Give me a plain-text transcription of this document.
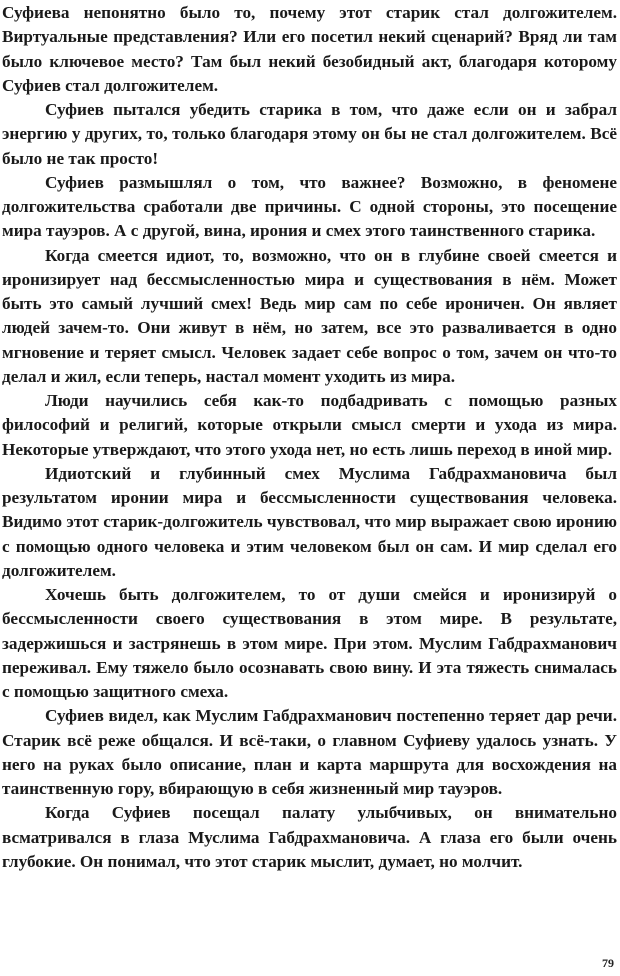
Суфиева непонятно было то, почему этот старик стал долгожителем. Виртуальные представления? Или его посетил некий сценарий? Вряд ли там было ключевое место? Там был некий безобидный акт, благодаря которому Суфиев стал долгожителем.

Суфиев пытался убедить старика в том, что даже если он и забрал энергию у других, то, только благодаря этому он бы не стал долгожителем. Всё было не так просто!

Суфиев размышлял о том, что важнее? Возможно, в феномене долгожительства сработали две причины. С одной стороны, это посещение мира тауэров. А с другой, вина, ирония и смех этого таинственного старика.

Когда смеется идиот, то, возможно, что он в глубине своей смеется и иронизирует над бессмысленностью мира и существования в нём. Может быть это самый лучший смех! Ведь мир сам по себе ироничен. Он являет людей зачем-то. Они живут в нём, но затем, все это разваливается в одно мгновение и теряет смысл. Человек задает себе вопрос о том, зачем он что-то делал и жил, если теперь, настал момент уходить из мира.

Люди научились себя как-то подбадривать с помощью разных философий и религий, которые открыли смысл смерти и ухода из мира. Некоторые утверждают, что этого ухода нет, но есть лишь переход в иной мир.

Идиотский и глубинный смех Муслима Габдрахмановича был результатом иронии мира и бессмысленности существования человека. Видимо этот старик-долгожитель чувствовал, что мир выражает свою иронию с помощью одного человека и этим человеком был он сам. И мир сделал его долгожителем.

Хочешь быть долгожителем, то от души смейся и иронизируй о бессмысленности своего существования в этом мире. В результате, задержишься и застрянешь в этом мире. При этом. Муслим Габдрахманович переживал. Ему тяжело было осознавать свою вину. И эта тяжесть снималась с помощью защитного смеха.

Суфиев видел, как Муслим Габдрахманович постепенно теряет дар речи. Старик всё реже общался. И всё-таки, о главном Суфиеву удалось узнать. У него на руках было описание, план и карта маршрута для восхождения на таинственную гору, вбирающую в себя жизненный мир тауэров.

Когда Суфиев посещал палату улыбчивых, он внимательно всматривался в глаза Муслима Габдрахмановича. А глаза его были очень глубокие. Он понимал, что этот старик мыслит, думает, но молчит.

79
